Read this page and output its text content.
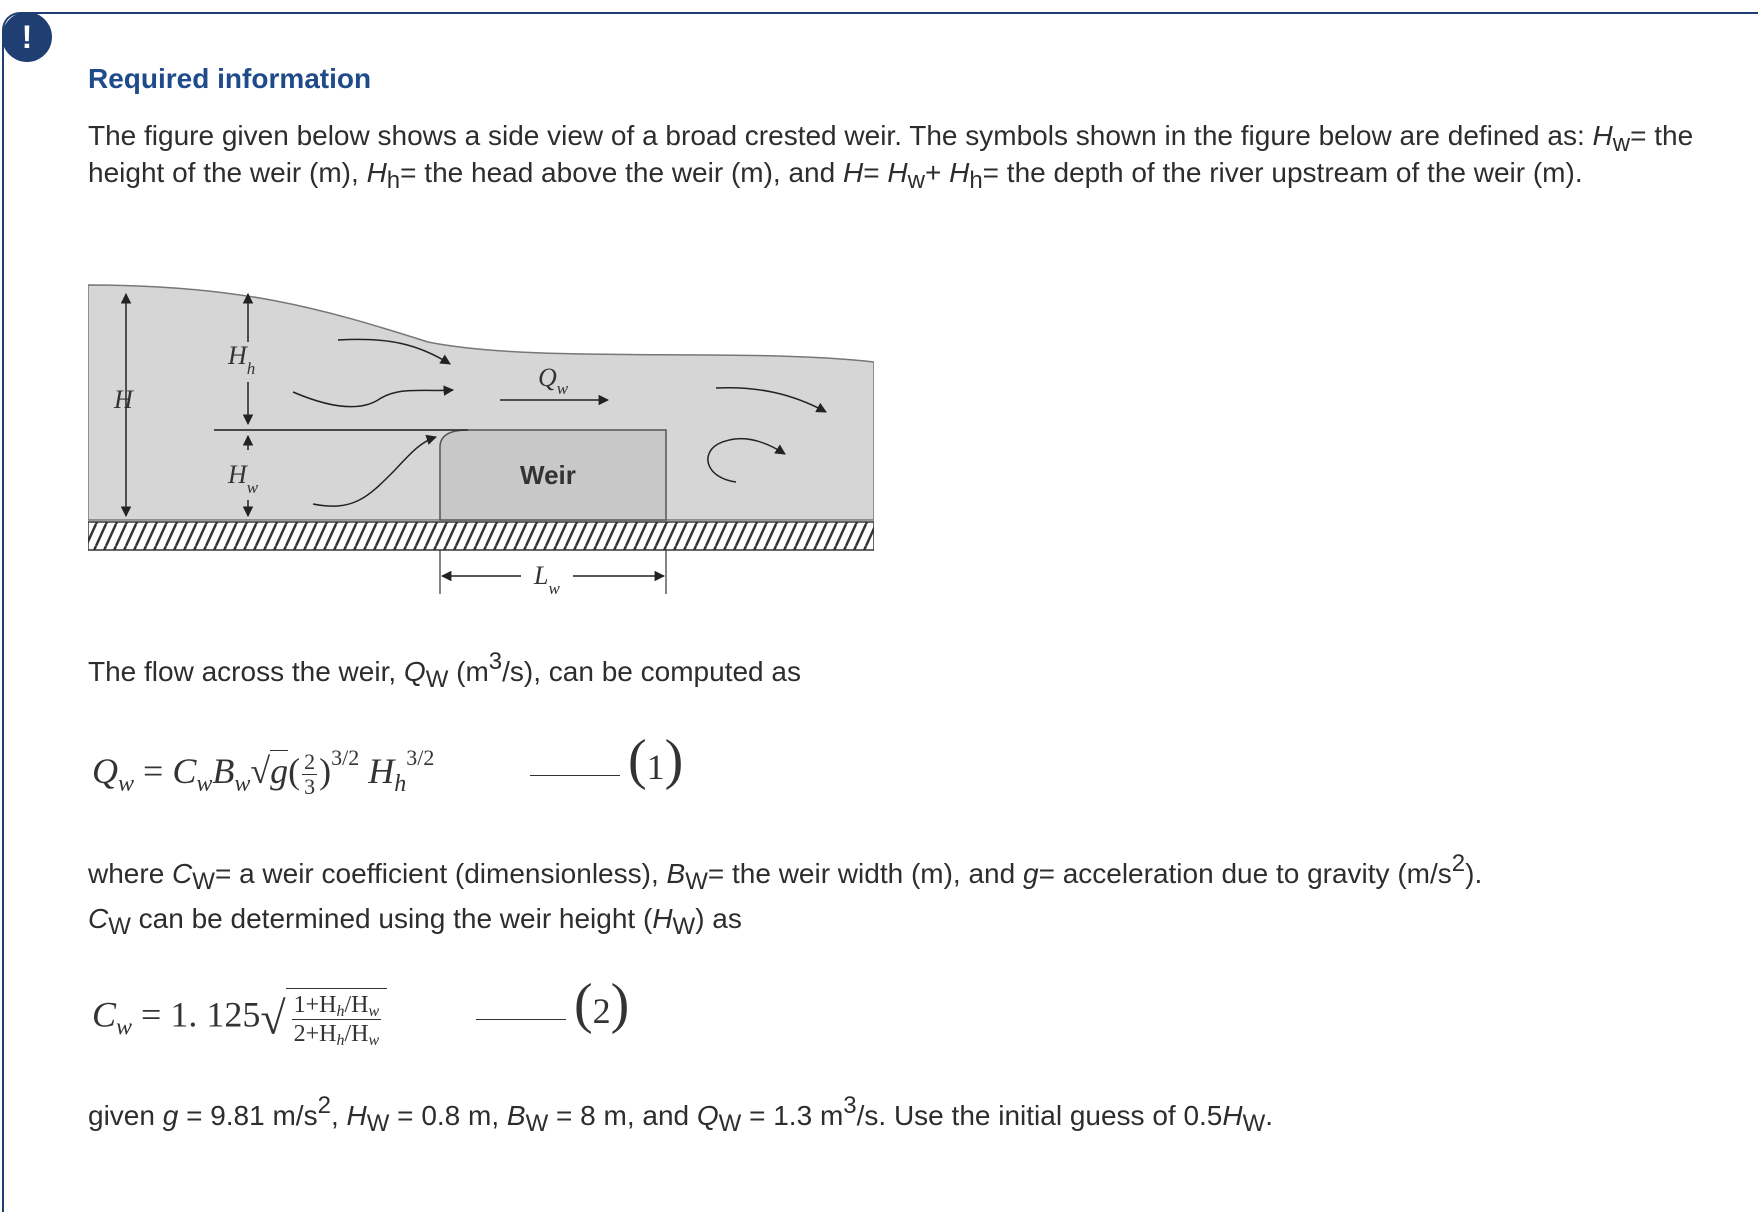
!
Required information

The figure given below shows a side view of a broad crested weir. The symbols shown in the figure below are defined as: $H_w=$ the height of the weir (m), $H_h=$ the head above the weir (m), and $H= H_w+ H_h=$ the depth of the river upstream of the weir (m).

H
$H_h$
$H_w$
$Q_w$
$L_w$
Weir

The flow across the weir, $Q_W$ $(m^3/s)$, can be computed as

$Q_w = C_wB_w√g( \frac{2}{3} )^{3/2}$ $H_h^{3/2}$	( 1 )

where $C_W= a$ weir coefficient (dimensionless), $B_W=$ the weir width (m), and g= acceleration due to gravity $(m/s^2)$.
$C_W$ can be determined using the weir height $(H_W)$ as

$C_w = 1$. $125√ \frac{1+H_h/H_w}{2+H_h/H_w}$	( 2 )

given g = 9.81 $m/s^2$, $H_W = 0.8$ m, $B_W = 8$ m, and $Q_W = 1.3$ $m^3/s$. Use the initial guess of $0.5H_W$.
